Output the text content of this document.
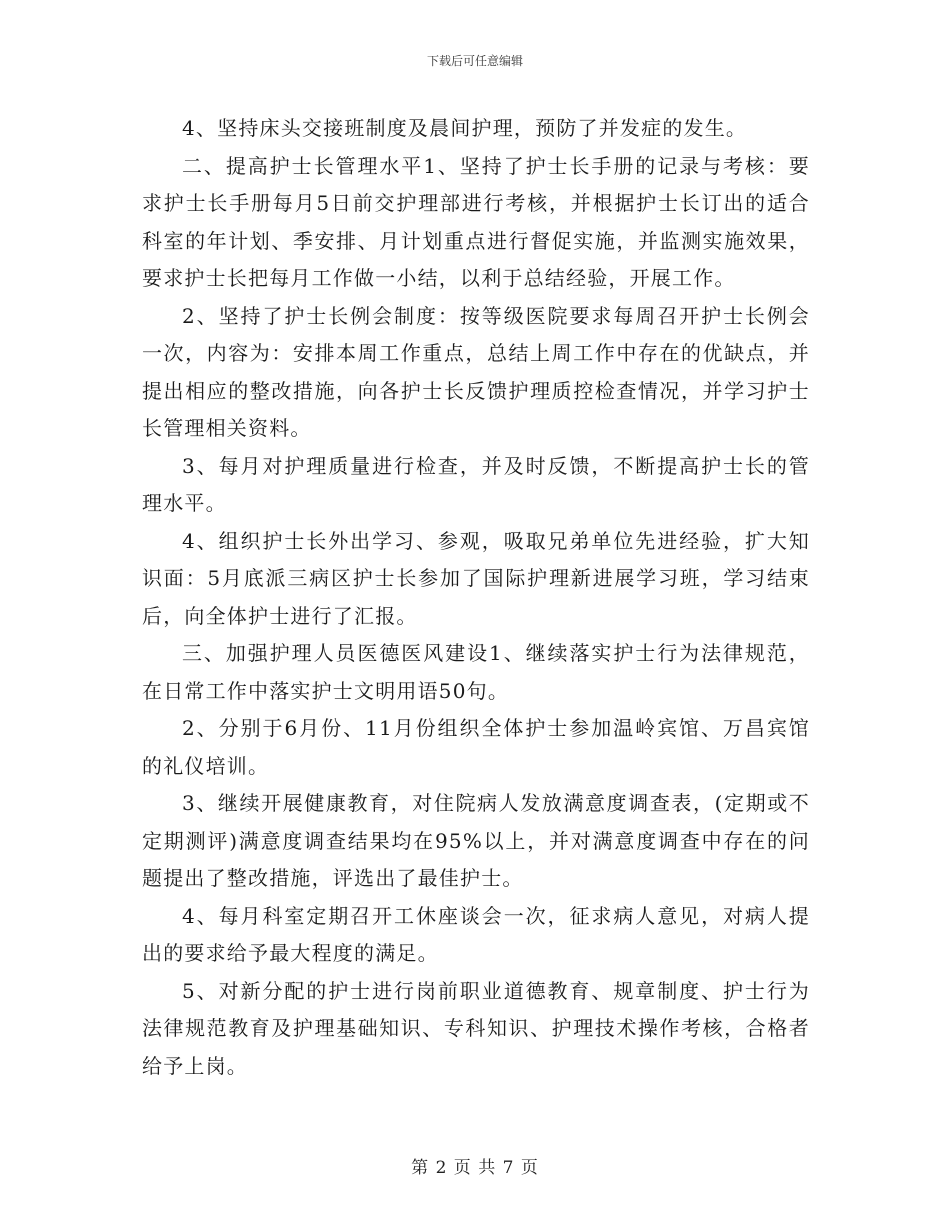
下载后可任意编辑

4、坚持床头交接班制度及晨间护理，预防了并发症的发生。

二、提高护士长管理水平1、坚持了护士长手册的记录与考核：要求护士长手册每月5日前交护理部进行考核，并根据护士长订出的适合科室的年计划、季安排、月计划重点进行督促实施，并监测实施效果，要求护士长把每月工作做一小结，以利于总结经验，开展工作。

2、坚持了护士长例会制度：按等级医院要求每周召开护士长例会一次，内容为：安排本周工作重点，总结上周工作中存在的优缺点，并提出相应的整改措施，向各护士长反馈护理质控检查情况，并学习护士长管理相关资料。

3、每月对护理质量进行检查，并及时反馈，不断提高护士长的管理水平。

4、组织护士长外出学习、参观，吸取兄弟单位先进经验，扩大知识面：5月底派三病区护士长参加了国际护理新进展学习班，学习结束后，向全体护士进行了汇报。

三、加强护理人员医德医风建设1、继续落实护士行为法律规范，在日常工作中落实护士文明用语50句。

2、分别于6月份、11月份组织全体护士参加温岭宾馆、万昌宾馆的礼仪培训。

3、继续开展健康教育，对住院病人发放满意度调查表，(定期或不定期测评)满意度调查结果均在95%以上，并对满意度调查中存在的问题提出了整改措施，评选出了最佳护士。

4、每月科室定期召开工休座谈会一次，征求病人意见，对病人提出的要求给予最大程度的满足。

5、对新分配的护士进行岗前职业道德教育、规章制度、护士行为法律规范教育及护理基础知识、专科知识、护理技术操作考核，合格者给予上岗。

第 2 页 共 7 页
